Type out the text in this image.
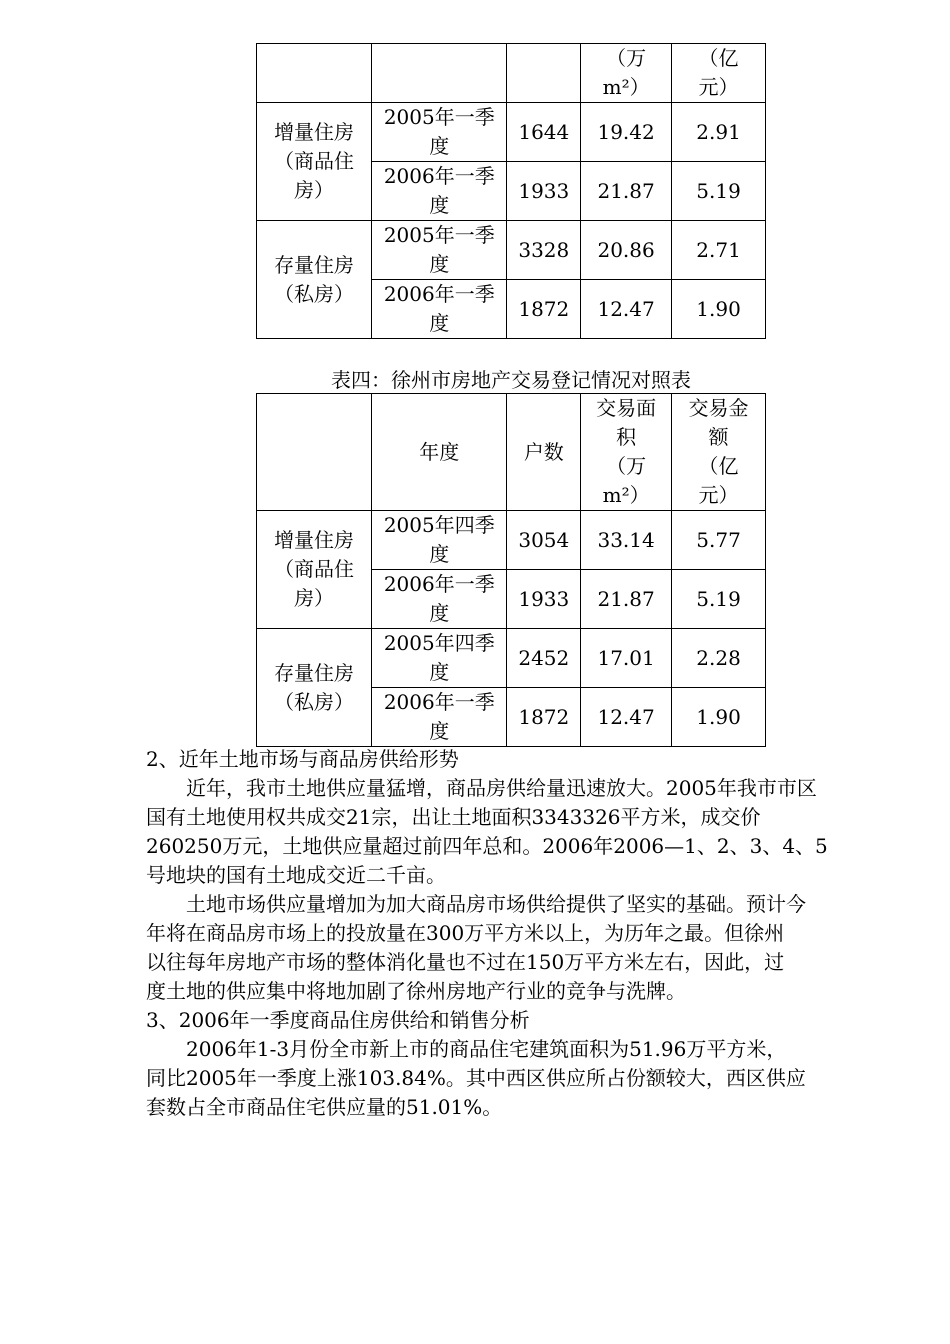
			（万
m²）	（亿
元）
增量住房
（商品住
房）	2005年一季
度	1644	19.42	2.91
	2006年一季
度	1933	21.87	5.19
存量住房
（私房）	2005年一季
度	3328	20.86	2.71
	2006年一季
度	1872	12.47	1.90
表四：徐州市房地产交易登记情况对照表
	年度	户数	交易面
积
（万
m²）	交易金
额
（亿
元）
增量住房
（商品住
房）	2005年四季
度	3054	33.14	5.77
	2006年一季
度	1933	21.87	5.19
存量住房
（私房）	2005年四季
度	2452	17.01	2.28
	2006年一季
度	1872	12.47	1.90
2、近年土地市场与商品房供给形势
　　近年，我市土地供应量猛增，商品房供给量迅速放大。2005年我市市区
国有土地使用权共成交21宗，出让土地面积3343326平方米，成交价
260250万元，土地供应量超过前四年总和。2006年2006—1、2、3、4、5
号地块的国有土地成交近二千亩。
　　土地市场供应量增加为加大商品房市场供给提供了坚实的基础。预计今
年将在商品房市场上的投放量在300万平方米以上，为历年之最。但徐州
以往每年房地产市场的整体消化量也不过在150万平方米左右，因此，过
度土地的供应集中将地加剧了徐州房地产行业的竞争与洗牌。
3、2006年一季度商品住房供给和销售分析
　　2006年1-3月份全市新上市的商品住宅建筑面积为51.96万平方米，
同比2005年一季度上涨103.84%。其中西区供应所占份额较大，西区供应
套数占全市商品住宅供应量的51.01%。
